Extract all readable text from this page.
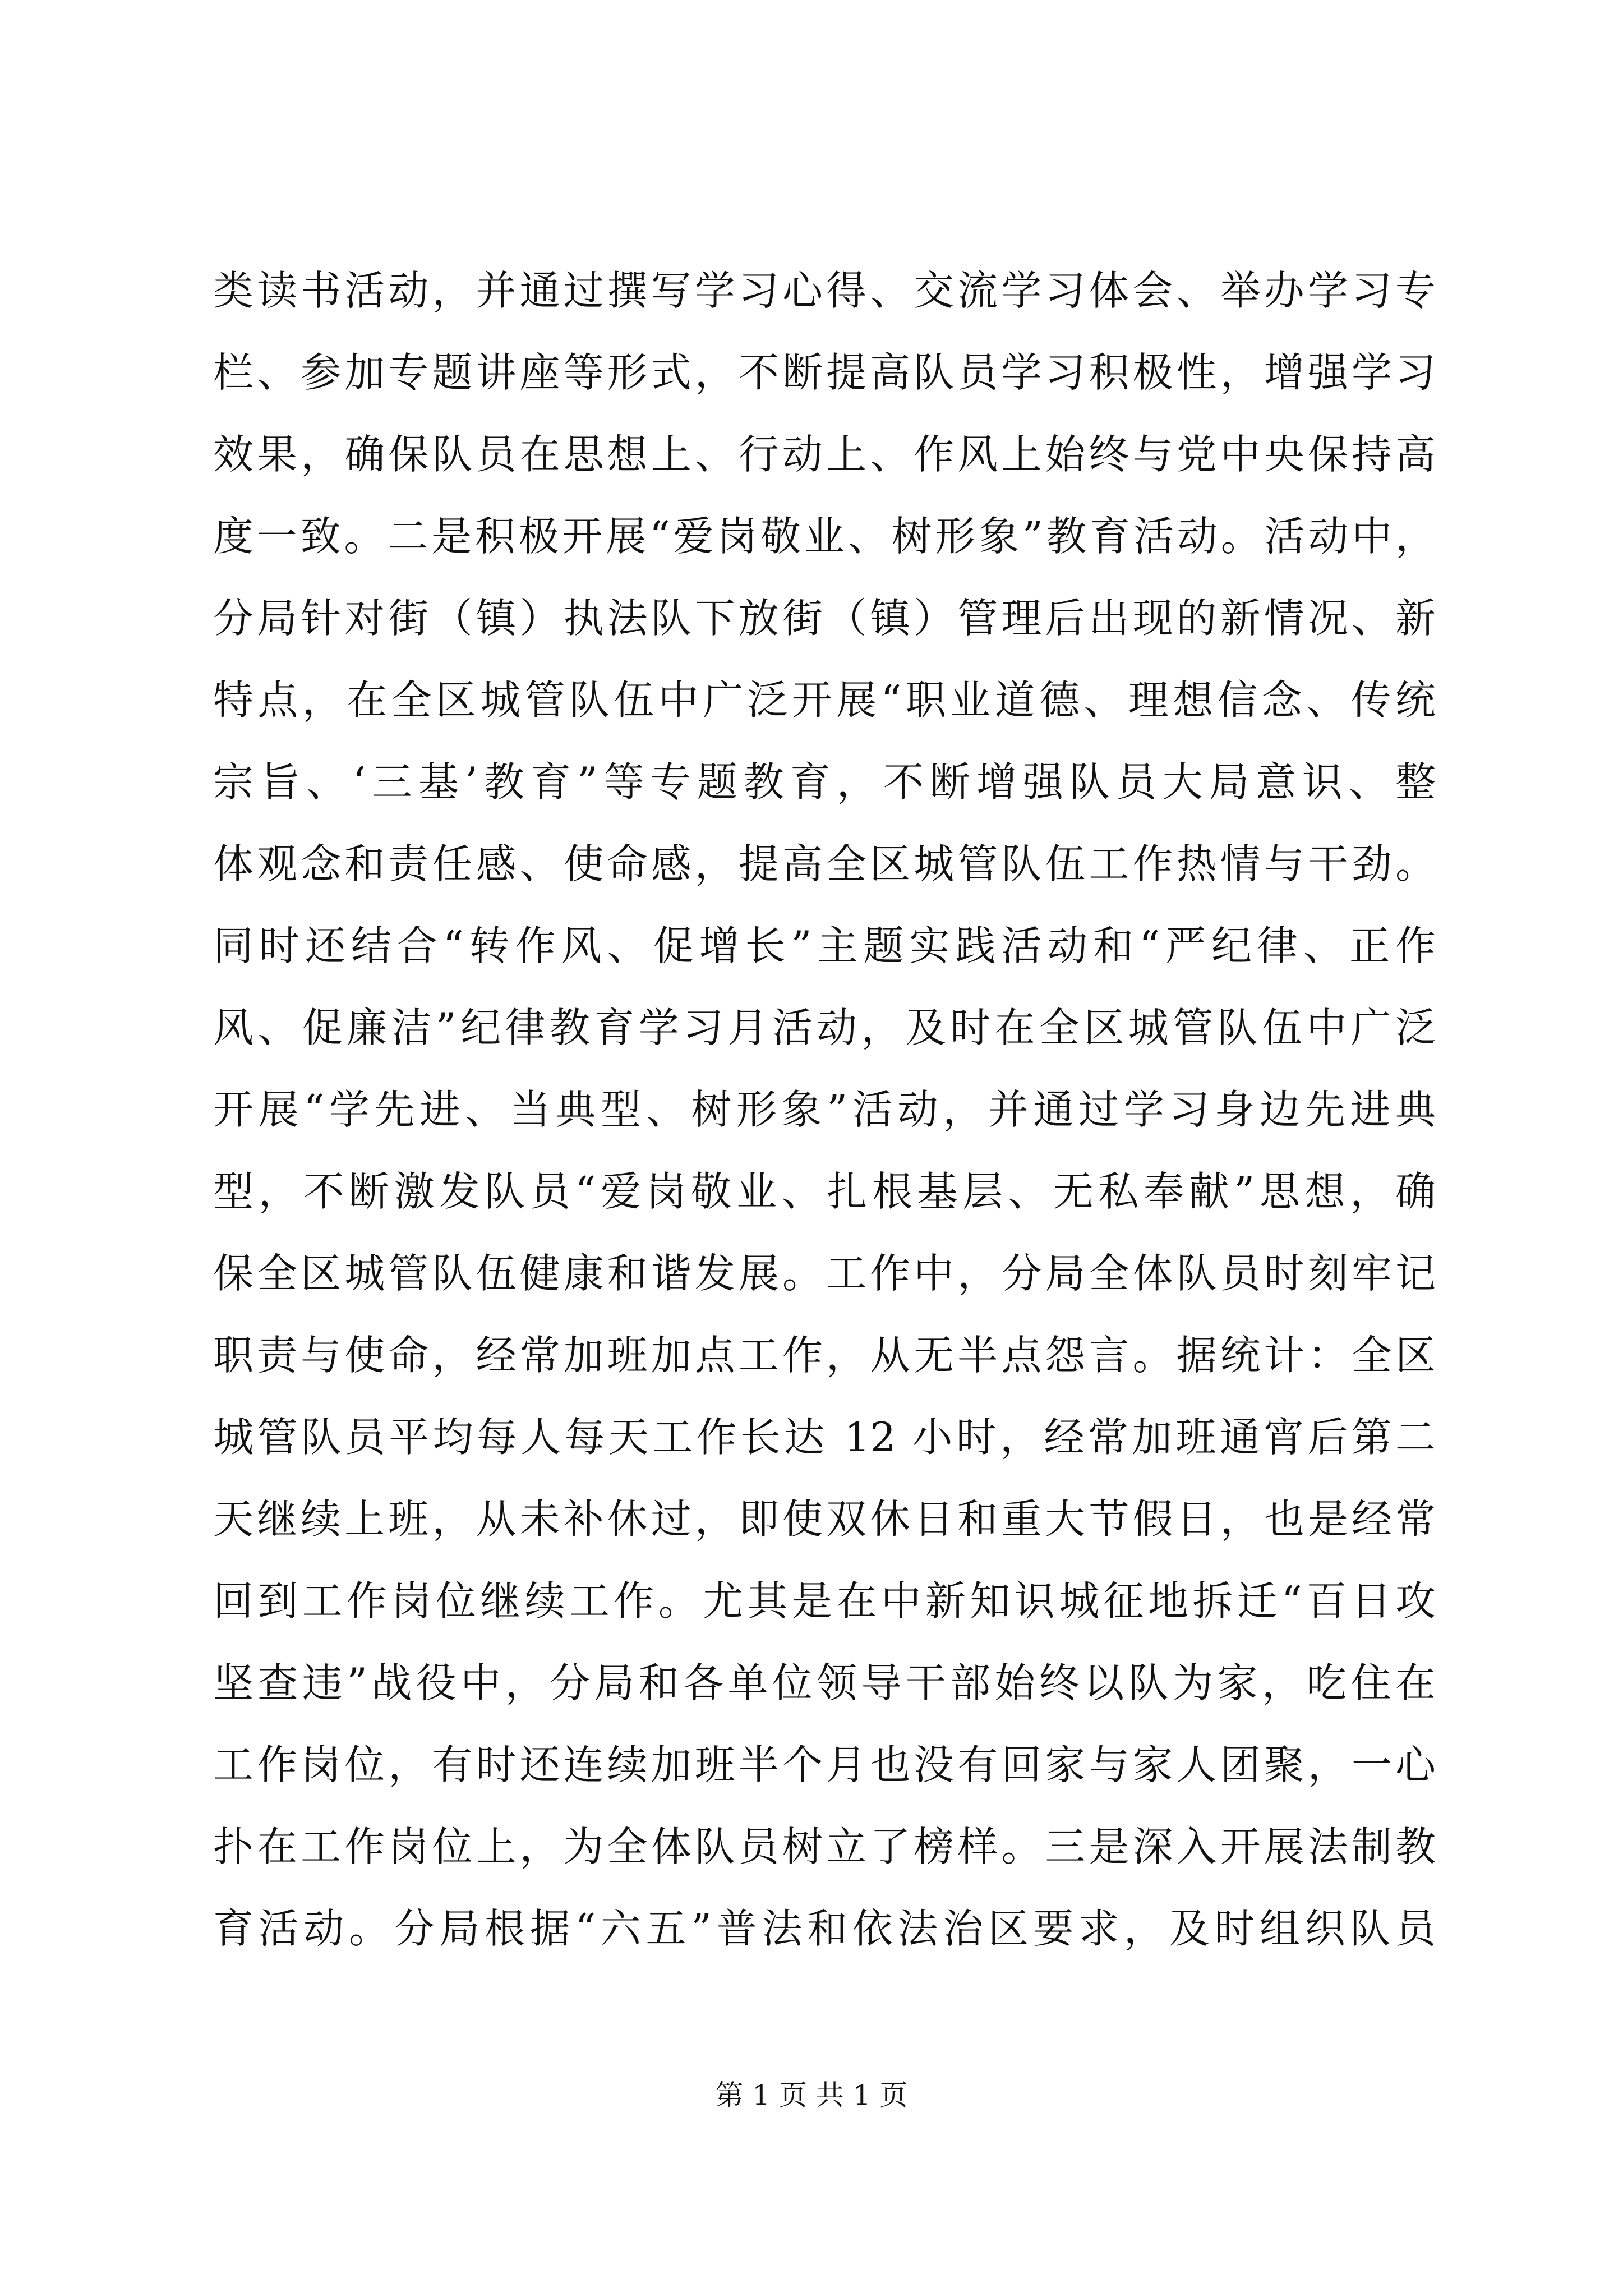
类读书活动，并通过撰写学习心得、交流学习体会、举办学习专
栏、参加专题讲座等形式，不断提高队员学习积极性，增强学习
效果，确保队员在思想上、行动上、作风上始终与党中央保持高
度一致。二是积极开展“爱岗敬业、树形象”教育活动。活动中，
分局针对街（镇）执法队下放街（镇）管理后出现的新情况、新
特点，在全区城管队伍中广泛开展“职业道德、理想信念、传统
宗旨、‘三基’教育”等专题教育，不断增强队员大局意识、整
体观念和责任感、使命感，提高全区城管队伍工作热情与干劲。
同时还结合“转作风、促增长”主题实践活动和“严纪律、正作
风、促廉洁”纪律教育学习月活动，及时在全区城管队伍中广泛
开展“学先进、当典型、树形象”活动，并通过学习身边先进典
型，不断激发队员“爱岗敬业、扎根基层、无私奉献”思想，确
保全区城管队伍健康和谐发展。工作中，分局全体队员时刻牢记
职责与使命，经常加班加点工作，从无半点怨言。据统计：全区
城管队员平均每人每天工作长达 12 小时，经常加班通宵后第二
天继续上班，从未补休过，即使双休日和重大节假日，也是经常
回到工作岗位继续工作。尤其是在中新知识城征地拆迁“百日攻
坚查违”战役中，分局和各单位领导干部始终以队为家，吃住在
工作岗位，有时还连续加班半个月也没有回家与家人团聚，一心
扑在工作岗位上，为全体队员树立了榜样。三是深入开展法制教
育活动。分局根据“六五”普法和依法治区要求，及时组织队员
第 1 页 共 1 页
